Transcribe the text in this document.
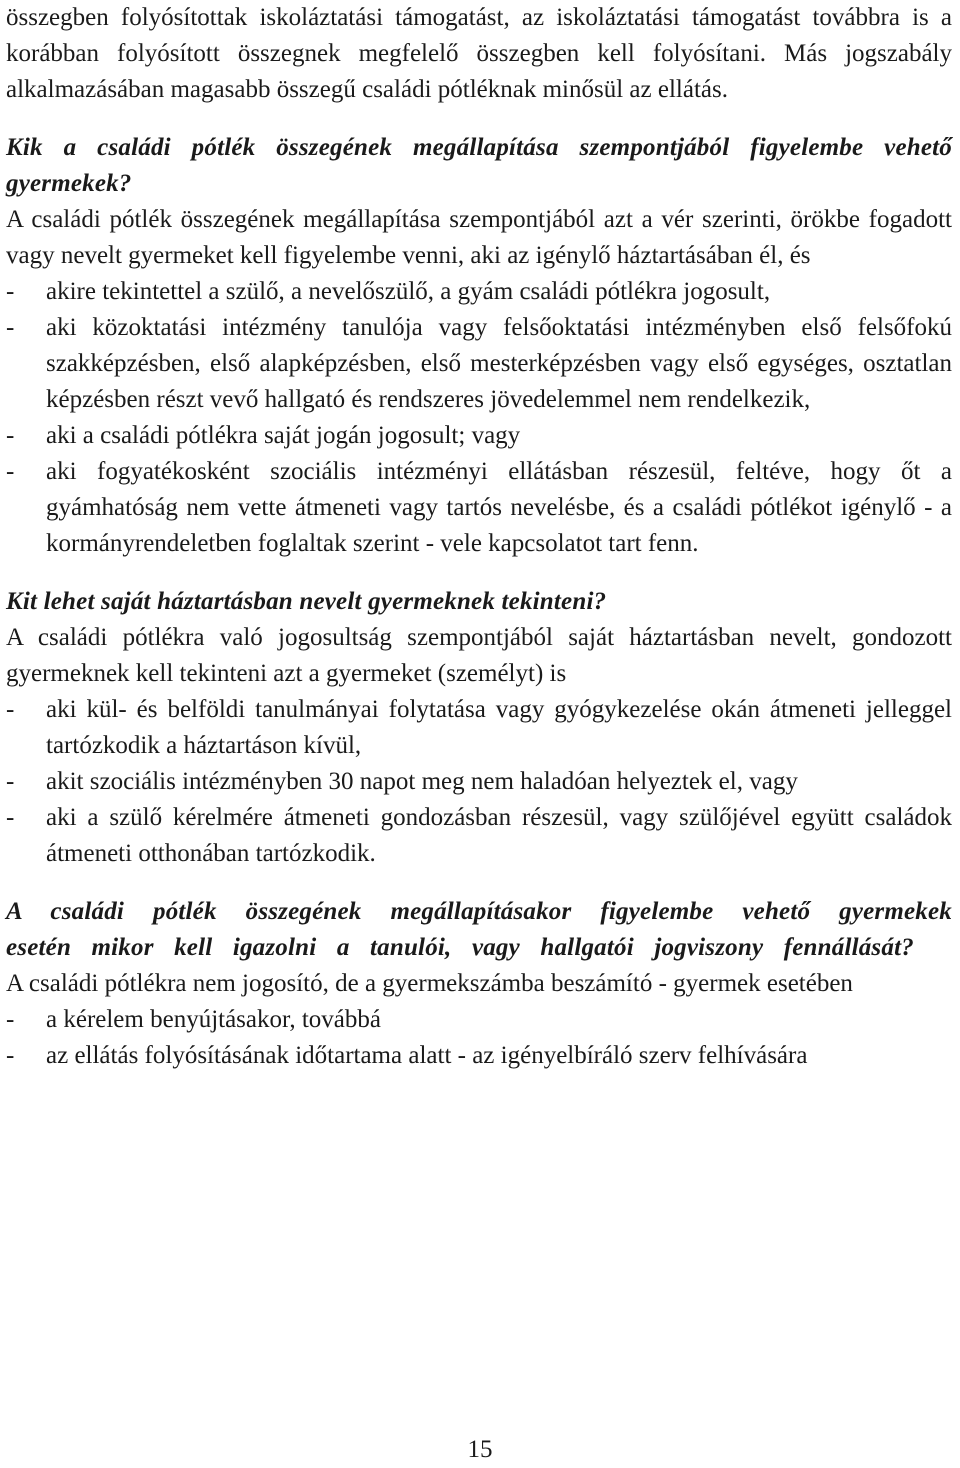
összegben folyósítottak iskoláztatási támogatást, az iskoláztatási támogatást továbbra is a korábban folyósított összegnek megfelelő összegben kell folyósítani. Más jogszabály alkalmazásában magasabb összegű családi pótléknak minősül az ellátás.

Kik a családi pótlék összegének megállapítása szempontjából figyelembe vehető gyermekek?

A családi pótlék összegének megállapítása szempontjából azt a vér szerinti, örökbe fogadott vagy nevelt gyermeket kell figyelembe venni, aki az igénylő háztartásában él, és

-	akire tekintettel a szülő, a nevelőszülő, a gyám családi pótlékra jogosult,
-	aki közoktatási intézmény tanulója vagy felsőoktatási intézményben első felsőfokú szakképzésben, első alapképzésben, első mesterképzésben vagy első egységes, osztatlan képzésben részt vevő hallgató és rendszeres jövedelemmel nem rendelkezik,
-	aki a családi pótlékra saját jogán jogosult; vagy
-	aki fogyatékosként szociális intézményi ellátásban részesül, feltéve, hogy őt a gyámhatóság nem vette átmeneti vagy tartós nevelésbe, és a családi pótlékot igénylő - a kormányrendeletben foglaltak szerint - vele kapcsolatot tart fenn.
Kit lehet saját háztartásban nevelt gyermeknek tekinteni?

A családi pótlékra való jogosultság szempontjából saját háztartásban nevelt, gondozott gyermeknek kell tekinteni azt a gyermeket (személyt) is

-	aki kül- és belföldi tanulmányai folytatása vagy gyógykezelése okán átmeneti jelleggel tartózkodik a háztartáson kívül,
-	akit szociális intézményben 30 napot meg nem haladóan helyeztek el, vagy
-	aki a szülő kérelmére átmeneti gondozásban részesül, vagy szülőjével együtt családok átmeneti otthonában tartózkodik.
A családi pótlék összegének megállapításakor figyelembe vehető gyermekek esetén mikor kell igazolni a tanulói, vagy hallgatói jogviszony fennállását?

A családi pótlékra nem jogosító, de a gyermekszámba beszámító - gyermek esetében

-	a kérelem benyújtásakor, továbbá
-	az ellátás folyósításának időtartama alatt - az igényelbíráló szerv felhívására
15
